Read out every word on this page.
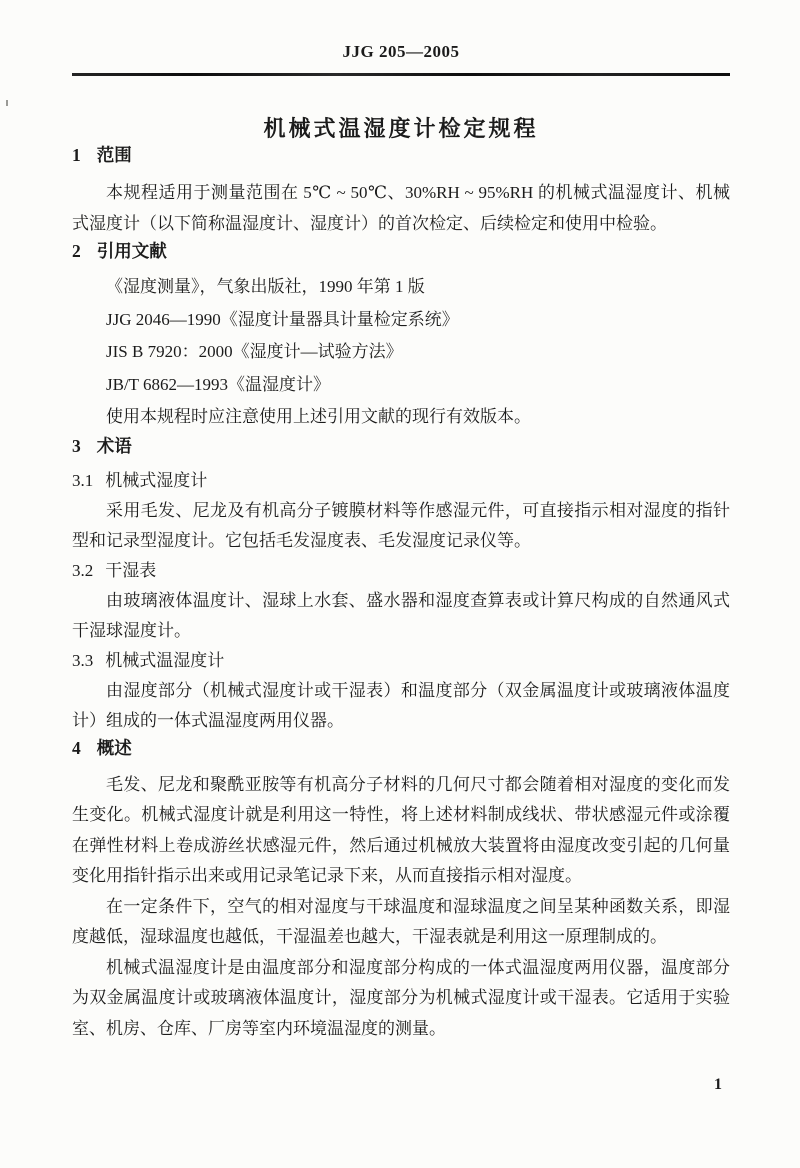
JJG 205—2005
机械式温湿度计检定规程
1 范围

本规程适用于测量范围在 5℃ ~ 50℃、30%RH ~ 95%RH 的机械式温湿度计、机械式湿度计（以下简称温湿度计、湿度计）的首次检定、后续检定和使用中检验。

2 引用文献
《湿度测量》，气象出版社，1990 年第 1 版
JJG 2046—1990《湿度计量器具计量检定系统》
JIS B 7920：2000《湿度计—试验方法》
JB/T 6862—1993《温湿度计》
使用本规程时应注意使用上述引用文献的现行有效版本。
3 术语
3.1 机械式湿度计

采用毛发、尼龙及有机高分子镀膜材料等作感湿元件，可直接指示相对湿度的指针型和记录型湿度计。它包括毛发湿度表、毛发湿度记录仪等。

3.2 干湿表

由玻璃液体温度计、湿球上水套、盛水器和湿度查算表或计算尺构成的自然通风式干湿球湿度计。

3.3 机械式温湿度计

由湿度部分（机械式湿度计或干湿表）和温度部分（双金属温度计或玻璃液体温度计）组成的一体式温湿度两用仪器。

4 概述

毛发、尼龙和聚酰亚胺等有机高分子材料的几何尺寸都会随着相对湿度的变化而发生变化。机械式湿度计就是利用这一特性，将上述材料制成线状、带状感湿元件或涂覆在弹性材料上卷成游丝状感湿元件，然后通过机械放大装置将由湿度改变引起的几何量变化用指针指示出来或用记录笔记录下来，从而直接指示相对湿度。

在一定条件下，空气的相对湿度与干球温度和湿球温度之间呈某种函数关系，即湿度越低，湿球温度也越低，干湿温差也越大，干湿表就是利用这一原理制成的。

机械式温湿度计是由温度部分和湿度部分构成的一体式温湿度两用仪器，温度部分为双金属温度计或玻璃液体温度计，湿度部分为机械式湿度计或干湿表。它适用于实验室、机房、仓库、厂房等室内环境温湿度的测量。

1
